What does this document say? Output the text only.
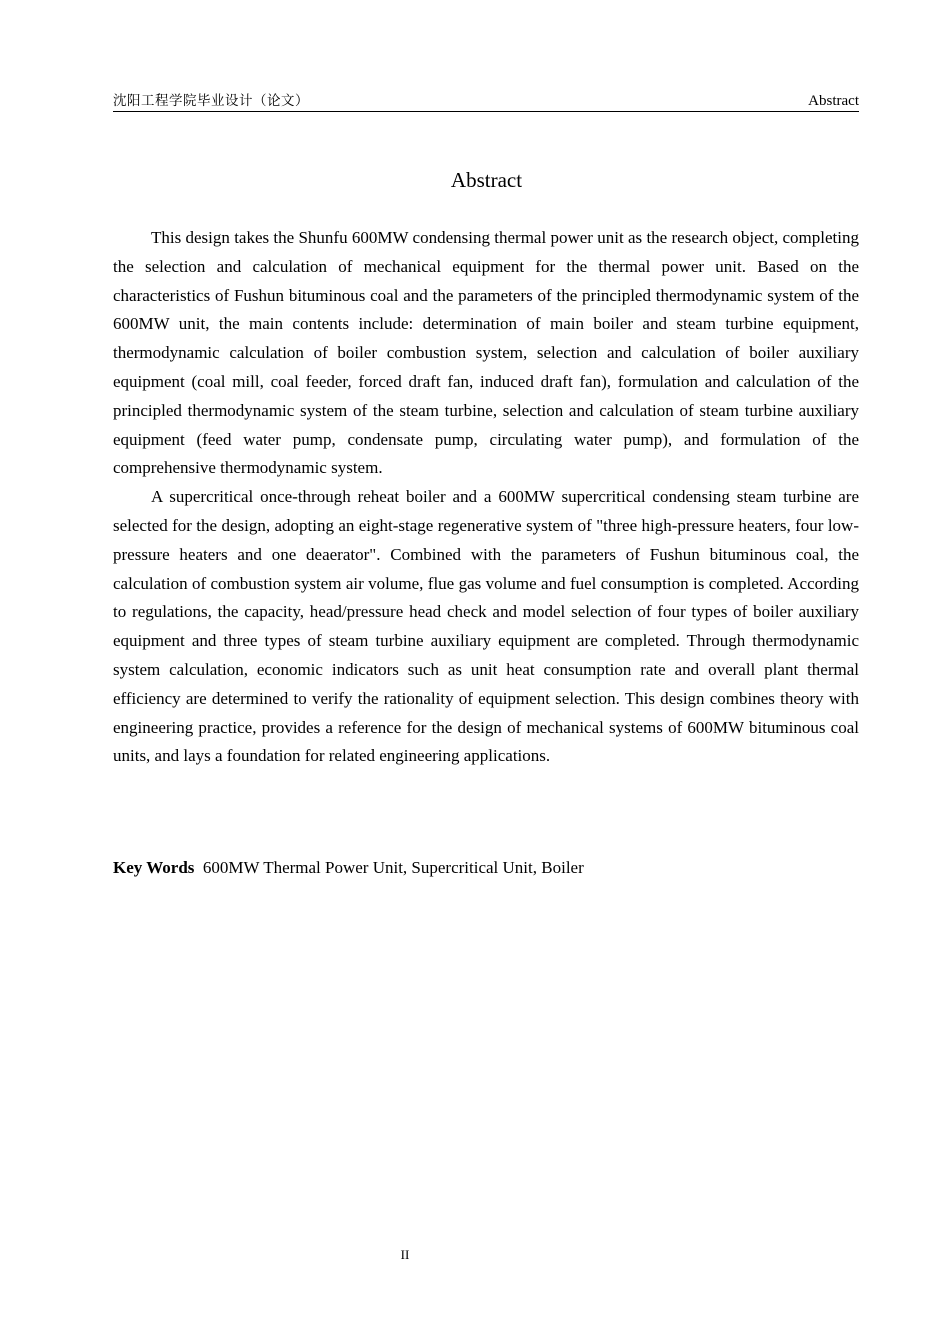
沈阳工程学院毕业设计（论文）	Abstract
Abstract

This design takes the Shunfu 600MW condensing thermal power unit as the research object, completing the selection and calculation of mechanical equipment for the thermal power unit. Based on the characteristics of Fushun bituminous coal and the parameters of the principled thermodynamic system of the 600MW unit, the main contents include: determination of main boiler and steam turbine equipment, thermodynamic calculation of boiler combustion system, selection and calculation of boiler auxiliary equipment (coal mill, coal feeder, forced draft fan, induced draft fan), formulation and calculation of the principled thermodynamic system of the steam turbine, selection and calculation of steam turbine auxiliary equipment (feed water pump, condensate pump, circulating water pump), and formulation of the comprehensive thermodynamic system.

A supercritical once-through reheat boiler and a 600MW supercritical condensing steam turbine are selected for the design, adopting an eight-stage regenerative system of "three high-pressure heaters, four low-pressure heaters and one deaerator". Combined with the parameters of Fushun bituminous coal, the calculation of combustion system air volume, flue gas volume and fuel consumption is completed. According to regulations, the capacity, head/pressure head check and model selection of four types of boiler auxiliary equipment and three types of steam turbine auxiliary equipment are completed. Through thermodynamic system calculation, economic indicators such as unit heat consumption rate and overall plant thermal efficiency are determined to verify the rationality of equipment selection. This design combines theory with engineering practice, provides a reference for the design of mechanical systems of 600MW bituminous coal units, and lays a foundation for related engineering applications.

Key Words 600MW Thermal Power Unit, Supercritical Unit, Boiler
II
